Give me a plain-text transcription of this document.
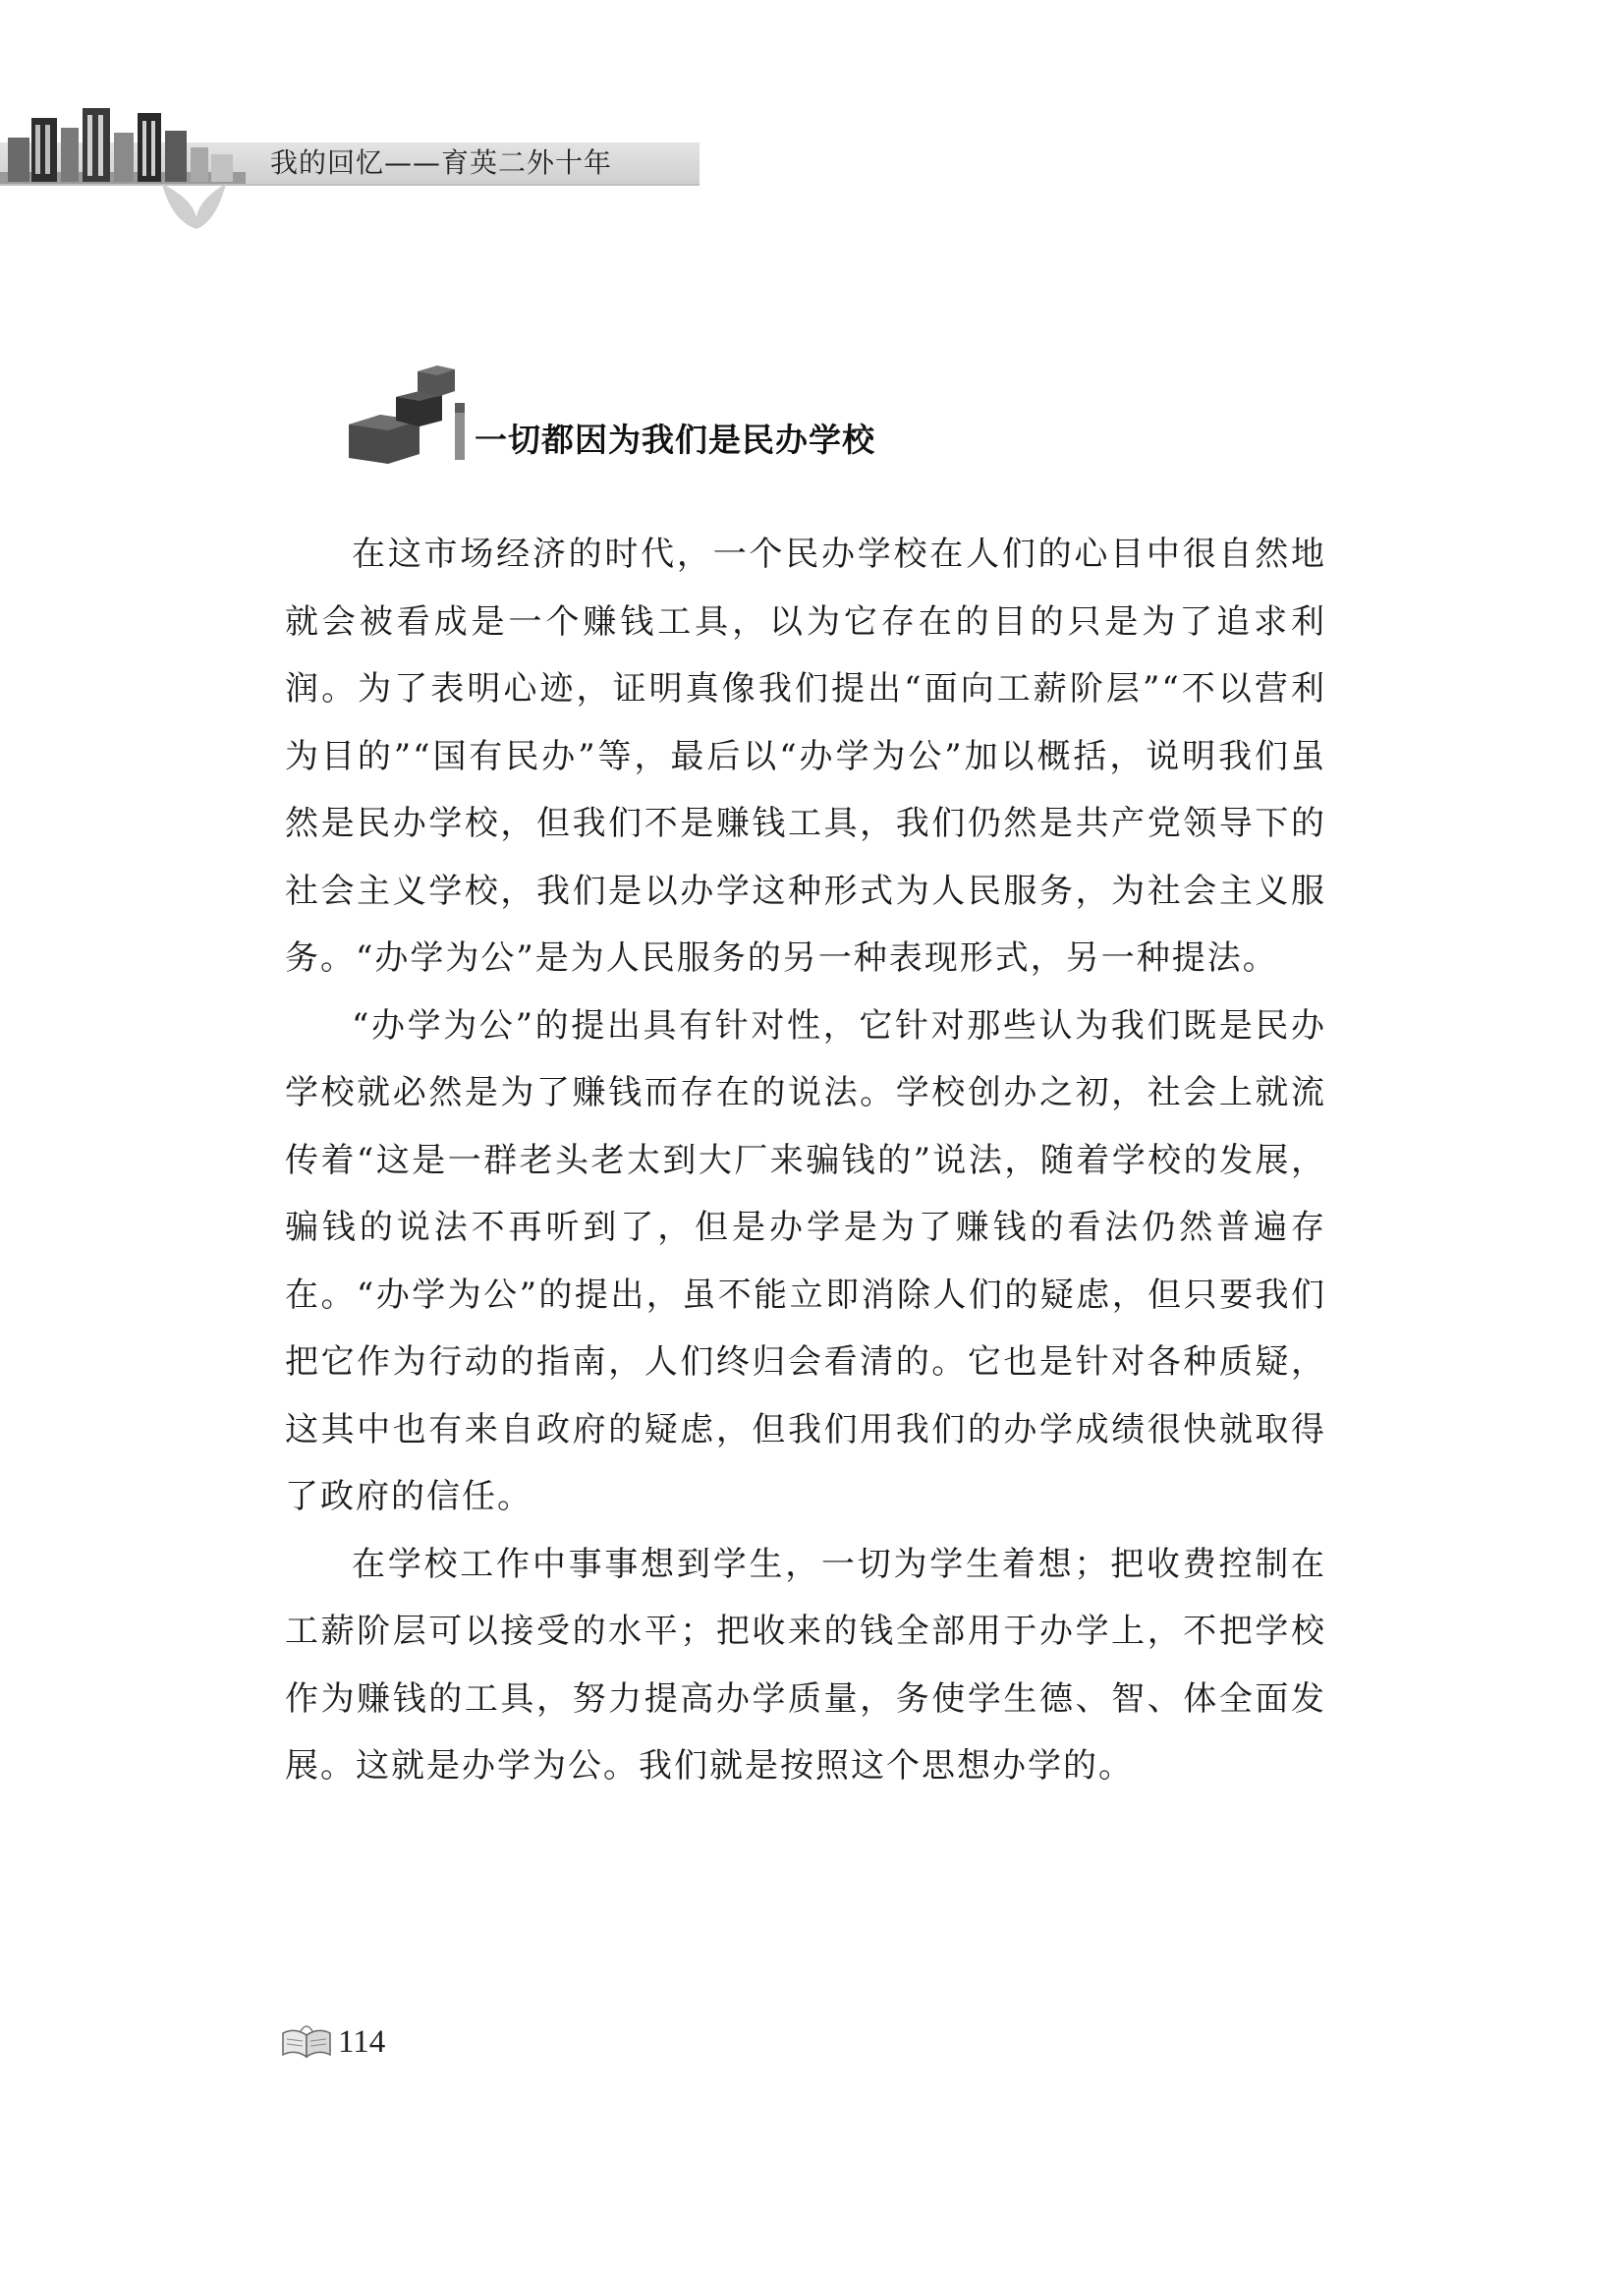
我的回忆——育英二外十年
一切都因为我们是民办学校

在这市场经济的时代，一个民办学校在人们的心目中很自然地就会被看成是一个赚钱工具，以为它存在的目的只是为了追求利润。为了表明心迹，证明真像我们提出“面向工薪阶层”“不以营利为目的”“国有民办”等，最后以“办学为公”加以概括，说明我们虽然是民办学校，但我们不是赚钱工具，我们仍然是共产党领导下的社会主义学校，我们是以办学这种形式为人民服务，为社会主义服务。“办学为公”是为人民服务的另一种表现形式，另一种提法。

“办学为公”的提出具有针对性，它针对那些认为我们既是民办学校就必然是为了赚钱而存在的说法。学校创办之初，社会上就流传着“这是一群老头老太到大厂来骗钱的”说法，随着学校的发展，骗钱的说法不再听到了，但是办学是为了赚钱的看法仍然普遍存在。“办学为公”的提出，虽不能立即消除人们的疑虑，但只要我们把它作为行动的指南，人们终归会看清的。它也是针对各种质疑，这其中也有来自政府的疑虑，但我们用我们的办学成绩很快就取得了政府的信任。

在学校工作中事事想到学生，一切为学生着想；把收费控制在工薪阶层可以接受的水平；把收来的钱全部用于办学上，不把学校作为赚钱的工具，努力提高办学质量，务使学生德、智、体全面发展。这就是办学为公。我们就是按照这个思想办学的。

114
